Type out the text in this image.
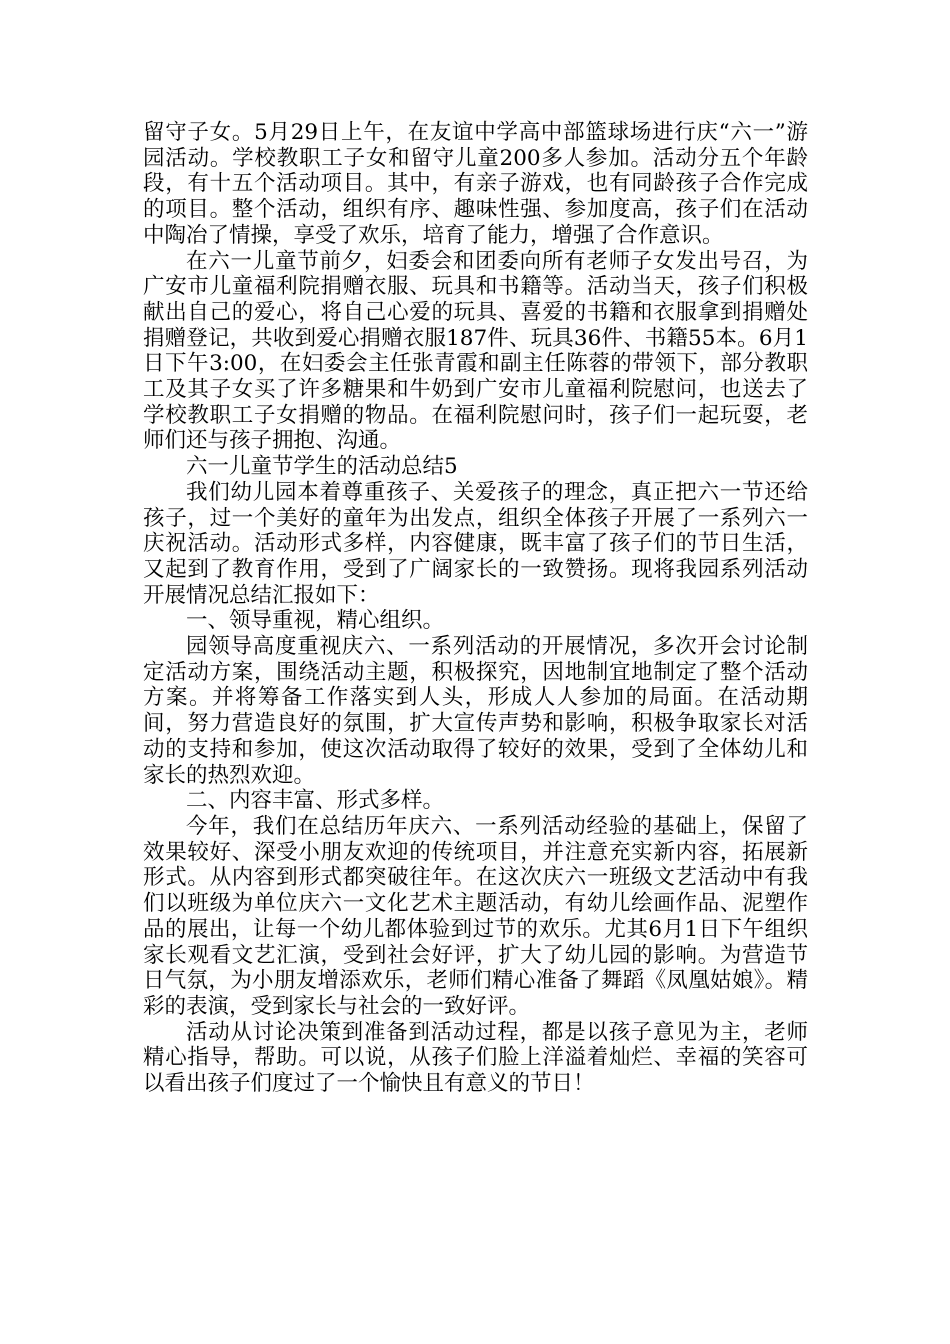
留守子女。5月29日上午，在友谊中学高中部篮球场进行庆“六一”游园活动。学校教职工子女和留守儿童200多人参加。活动分五个年龄段，有十五个活动项目。其中，有亲子游戏，也有同龄孩子合作完成的项目。整个活动，组织有序、趣味性强、参加度高，孩子们在活动中陶冶了情操，享受了欢乐，培育了能力，增强了合作意识。

在六一儿童节前夕，妇委会和团委向所有老师子女发出号召，为广安市儿童福利院捐赠衣服、玩具和书籍等。活动当天，孩子们积极献出自己的爱心，将自己心爱的玩具、喜爱的书籍和衣服拿到捐赠处捐赠登记，共收到爱心捐赠衣服187件、玩具36件、书籍55本。6月1日下午3:00，在妇委会主任张青霞和副主任陈蓉的带领下，部分教职工及其子女买了许多糖果和牛奶到广安市儿童福利院慰问，也送去了学校教职工子女捐赠的物品。在福利院慰问时，孩子们一起玩耍，老师们还与孩子拥抱、沟通。

六一儿童节学生的活动总结5

我们幼儿园本着尊重孩子、关爱孩子的理念，真正把六一节还给孩子，过一个美好的童年为出发点，组织全体孩子开展了一系列六一庆祝活动。活动形式多样，内容健康，既丰富了孩子们的节日生活，又起到了教育作用，受到了广阔家长的一致赞扬。现将我园系列活动开展情况总结汇报如下：

一、领导重视，精心组织。

园领导高度重视庆六、一系列活动的开展情况，多次开会讨论制定活动方案，围绕活动主题，积极探究，因地制宜地制定了整个活动方案。并将筹备工作落实到人头，形成人人参加的局面。在活动期间，努力营造良好的氛围，扩大宣传声势和影响，积极争取家长对活动的支持和参加，使这次活动取得了较好的效果，受到了全体幼儿和家长的热烈欢迎。

二、内容丰富、形式多样。

今年，我们在总结历年庆六、一系列活动经验的基础上，保留了效果较好、深受小朋友欢迎的传统项目，并注意充实新内容，拓展新形式。从内容到形式都突破往年。在这次庆六一班级文艺活动中有我们以班级为单位庆六一文化艺术主题活动，有幼儿绘画作品、泥塑作品的展出，让每一个幼儿都体验到过节的欢乐。尤其6月1日下午组织家长观看文艺汇演，受到社会好评，扩大了幼儿园的影响。为营造节日气氛，为小朋友增添欢乐，老师们精心准备了舞蹈《凤凰姑娘》。精彩的表演，受到家长与社会的一致好评。

活动从讨论决策到准备到活动过程，都是以孩子意见为主，老师精心指导，帮助。可以说，从孩子们脸上洋溢着灿烂、幸福的笑容可以看出孩子们度过了一个愉快且有意义的节日！
